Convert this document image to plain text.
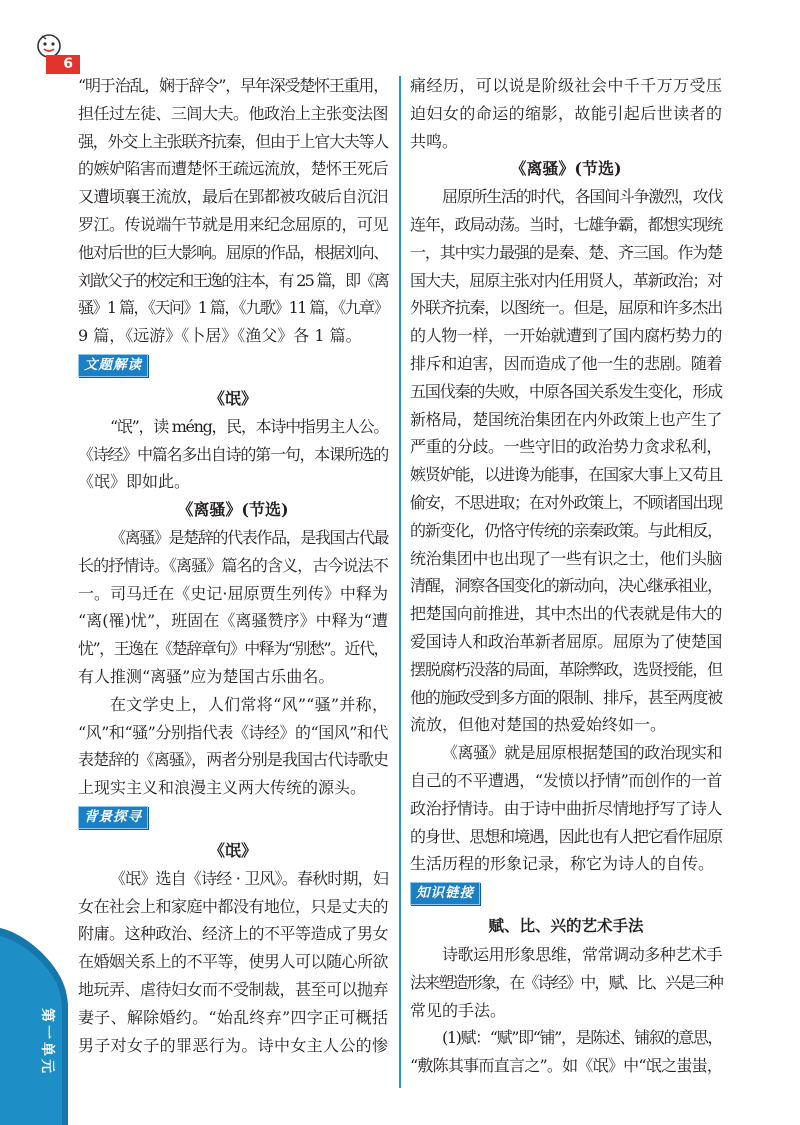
6
“明于治乱，娴于辞令”，早年深受楚怀王重用，
担任过左徒、三闾大夫。他政治上主张变法图
强，外交上主张联齐抗秦，但由于上官大夫等人
的嫉妒陷害而遭楚怀王疏远流放，楚怀王死后
又遭顷襄王流放，最后在郢都被攻破后自沉汨
罗江。传说端午节就是用来纪念屈原的，可见
他对后世的巨大影响。屈原的作品，根据刘向、
刘歆父子的校定和王逸的注本，有 25 篇，即《离
骚》1 篇，《天问》1 篇，《九歌》11 篇，《九章》
9 篇，《远游》《卜居》《渔父》各 1 篇。
文题解读
《氓》
“氓”，读 méng，民，本诗中指男主人公。
《诗经》中篇名多出自诗的第一句，本课所选的
《氓》即如此。
《离骚》(节选)
《离骚》是楚辞的代表作品，是我国古代最
长的抒情诗。《离骚》篇名的含义，古今说法不
一。司马迁在《史记·屈原贾生列传》中释为
“离(罹)忧”，班固在《离骚赞序》中释为“遭
忧”，王逸在《楚辞章句》中释为“别愁”。近代，
有人推测“离骚”应为楚国古乐曲名。
在文学史上，人们常将“风”“骚”并称，
“风”和“骚”分别指代表《诗经》的“国风”和代
表楚辞的《离骚》，两者分别是我国古代诗歌史
上现实主义和浪漫主义两大传统的源头。
背景探寻
《氓》
《氓》选自《诗经 · 卫风》。春秋时期，妇
女在社会上和家庭中都没有地位，只是丈夫的
附庸。这种政治、经济上的不平等造成了男女
在婚姻关系上的不平等，使男人可以随心所欲
地玩弄、虐待妇女而不受制裁，甚至可以抛弃
妻子、解除婚约。“始乱终弃”四字正可概括
男子对女子的罪恶行为。诗中女主人公的惨
痛经历，可以说是阶级社会中千千万万受压
迫妇女的命运的缩影，故能引起后世读者的
共鸣。
《离骚》(节选)
屈原所生活的时代，各国间斗争激烈，攻伐
连年，政局动荡。当时，七雄争霸，都想实现统
一，其中实力最强的是秦、楚、齐三国。作为楚
国大夫，屈原主张对内任用贤人，革新政治；对
外联齐抗秦，以图统一。但是，屈原和许多杰出
的人物一样，一开始就遭到了国内腐朽势力的
排斥和迫害，因而造成了他一生的悲剧。随着
五国伐秦的失败，中原各国关系发生变化，形成
新格局，楚国统治集团在内外政策上也产生了
严重的分歧。一些守旧的政治势力贪求私利，
嫉贤妒能，以进谗为能事，在国家大事上又苟且
偷安，不思进取；在对外政策上，不顾诸国出现
的新变化，仍恪守传统的亲秦政策。与此相反，
统治集团中也出现了一些有识之士，他们头脑
清醒，洞察各国变化的新动向，决心继承祖业，
把楚国向前推进，其中杰出的代表就是伟大的
爱国诗人和政治革新者屈原。屈原为了使楚国
摆脱腐朽没落的局面，革除弊政，选贤授能，但
他的施政受到多方面的限制、排斥，甚至两度被
流放，但他对楚国的热爱始终如一。
《离骚》就是屈原根据楚国的政治现实和
自己的不平遭遇，“发愤以抒情”而创作的一首
政治抒情诗。由于诗中曲折尽情地抒写了诗人
的身世、思想和境遇，因此也有人把它看作屈原
生活历程的形象记录，称它为诗人的自传。
知识链接
赋、比、兴的艺术手法
诗歌运用形象思维，常常调动多种艺术手
法来塑造形象，在《诗经》中，赋、比、兴是三种
常见的手法。
(1)赋：“赋”即“铺”，是陈述、铺叙的意思，
“敷陈其事而直言之”。如《氓》中“氓之蚩蚩，
第一单元
